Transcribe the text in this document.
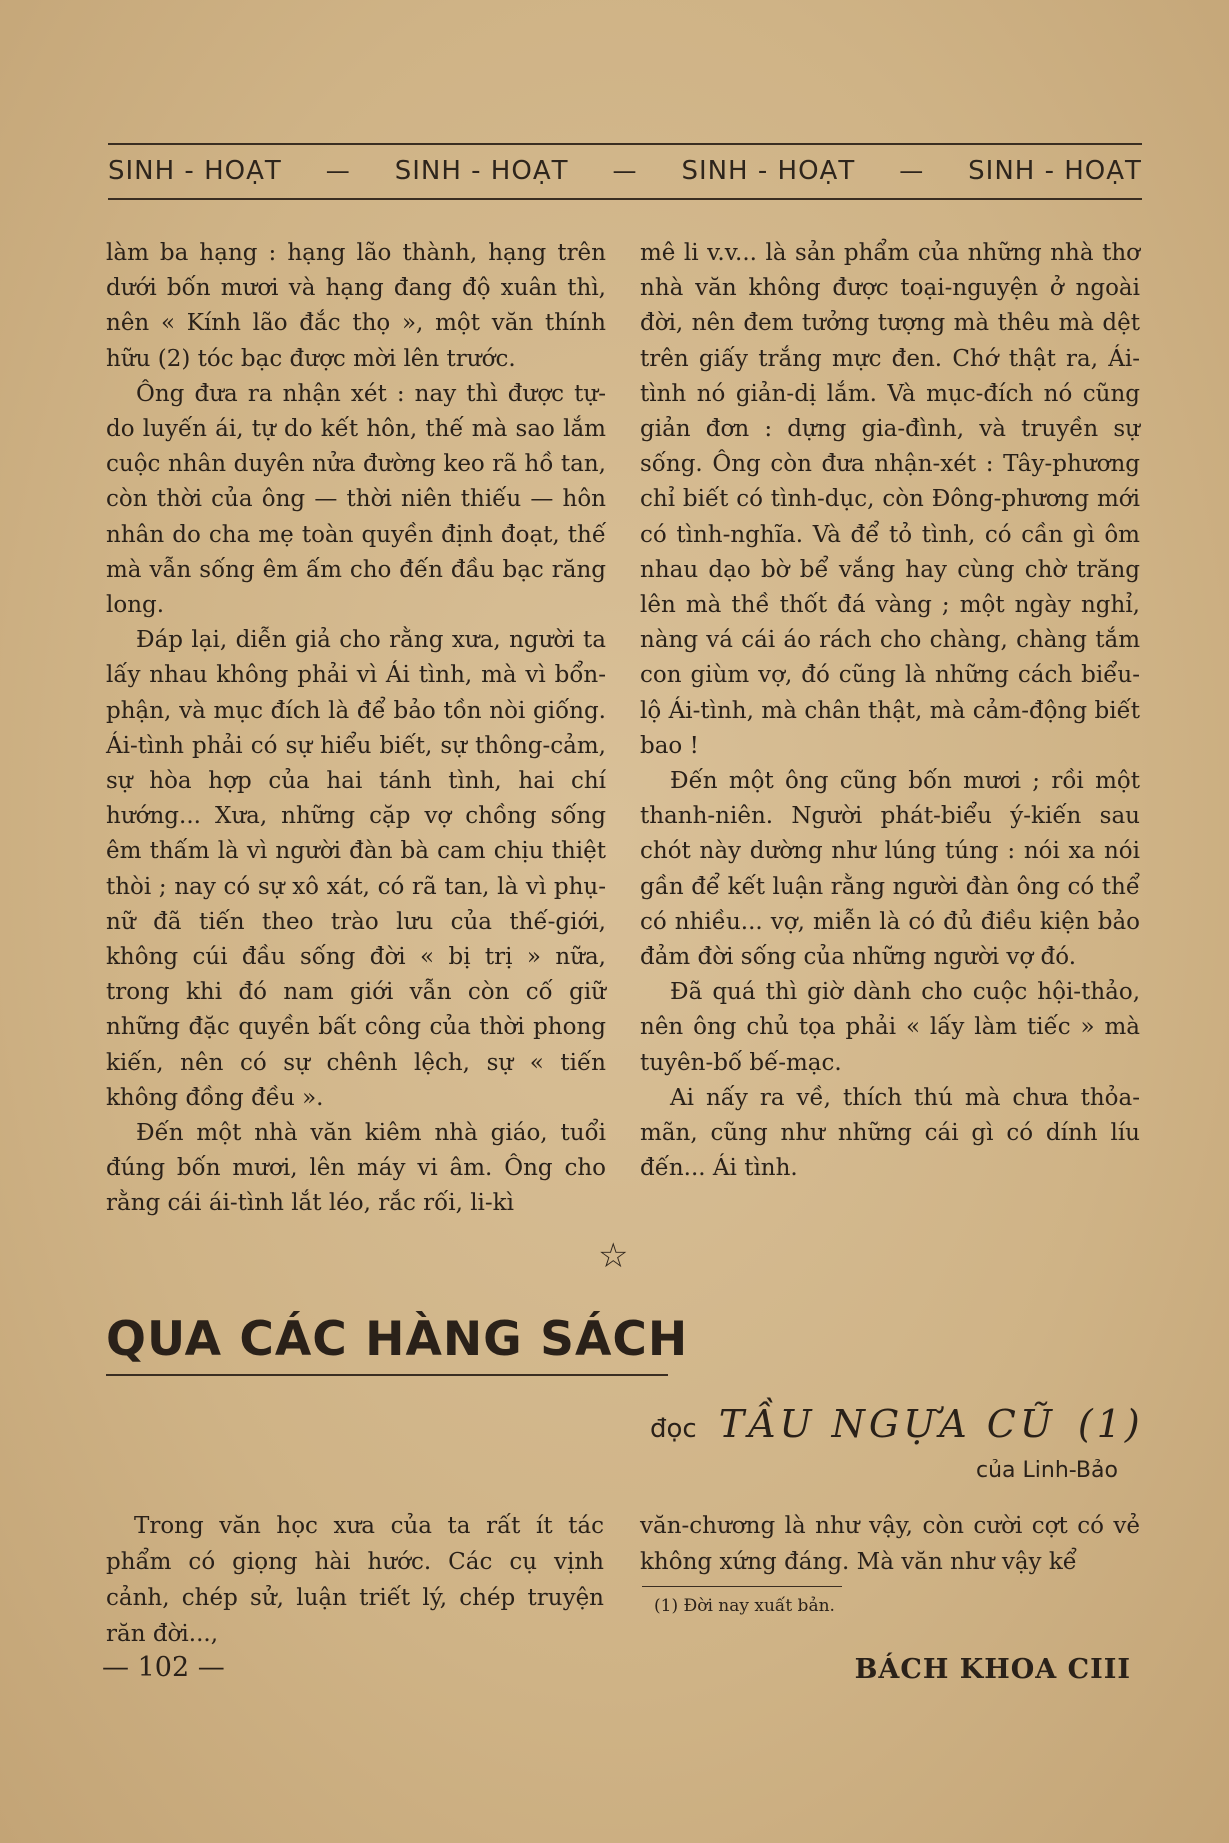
SINH - HOẠT — SINH - HOẠT — SINH - HOẠT — SINH - HOẠT

làm ba hạng : hạng lão thành, hạng trên dưới bốn mươi và hạng đang độ xuân thì, nên « Kính lão đắc thọ », một văn thính hữu (2) tóc bạc được mời lên trước.

Ông đưa ra nhận xét : nay thì được tự-do luyến ái, tự do kết hôn, thế mà sao lắm cuộc nhân duyên nửa đường keo rã hồ tan, còn thời của ông — thời niên thiếu — hôn nhân do cha mẹ toàn quyền định đoạt, thế mà vẫn sống êm ấm cho đến đầu bạc răng long.

Đáp lại, diễn giả cho rằng xưa, người ta lấy nhau không phải vì Ái tình, mà vì bổn-phận, và mục đích là để bảo tồn nòi giống. Ái-tình phải có sự hiểu biết, sự thông-cảm, sự hòa hợp của hai tánh tình, hai chí hướng... Xưa, những cặp vợ chồng sống êm thấm là vì người đàn bà cam chịu thiệt thòi ; nay có sự xô xát, có rã tan, là vì phụ-nữ đã tiến theo trào lưu của thế-giới, không cúi đầu sống đời « bị trị » nữa, trong khi đó nam giới vẫn còn cố giữ những đặc quyền bất công của thời phong kiến, nên có sự chênh lệch, sự « tiến không đồng đều ».

Đến một nhà văn kiêm nhà giáo, tuổi đúng bốn mươi, lên máy vi âm. Ông cho rằng cái ái-tình lắt léo, rắc rối, li-kì

mê li v.v... là sản phẩm của những nhà thơ nhà văn không được toại-nguyện ở ngoài đời, nên đem tưởng tượng mà thêu mà dệt trên giấy trắng mực đen. Chớ thật ra, Ái-tình nó giản-dị lắm. Và mục-đích nó cũng giản đơn : dựng gia-đình, và truyền sự sống. Ông còn đưa nhận-xét : Tây-phương chỉ biết có tình-dục, còn Đông-phương mới có tình-nghĩa. Và để tỏ tình, có cần gì ôm nhau dạo bờ bể vắng hay cùng chờ trăng lên mà thề thốt đá vàng ; một ngày nghỉ, nàng vá cái áo rách cho chàng, chàng tắm con giùm vợ, đó cũng là những cách biểu-lộ Ái-tình, mà chân thật, mà cảm-động biết bao !

Đến một ông cũng bốn mươi ; rồi một thanh-niên. Người phát-biểu ý-kiến sau chót này dường như lúng túng : nói xa nói gần để kết luận rằng người đàn ông có thể có nhiều... vợ, miễn là có đủ điều kiện bảo đảm đời sống của những người vợ đó.

Đã quá thì giờ dành cho cuộc hội-thảo, nên ông chủ tọa phải « lấy làm tiếc » mà tuyên-bố bế-mạc.

Ai nấy ra về, thích thú mà chưa thỏa-mãn, cũng như những cái gì có dính líu đến... Ái tình.

☆
QUA CÁC HÀNG SÁCH
đọc TẦU NGỰA CŨ (1)
của Linh-Bảo

Trong văn học xưa của ta rất ít tác phẩm có giọng hài hước. Các cụ vịnh cảnh, chép sử, luận triết lý, chép truyện răn đời...,

văn-chương là như vậy, còn cười cợt có vẻ không xứng đáng. Mà văn như vậy kể

(1) Đời nay xuất bản.
— 102 —	BÁCH KHOA CIII
